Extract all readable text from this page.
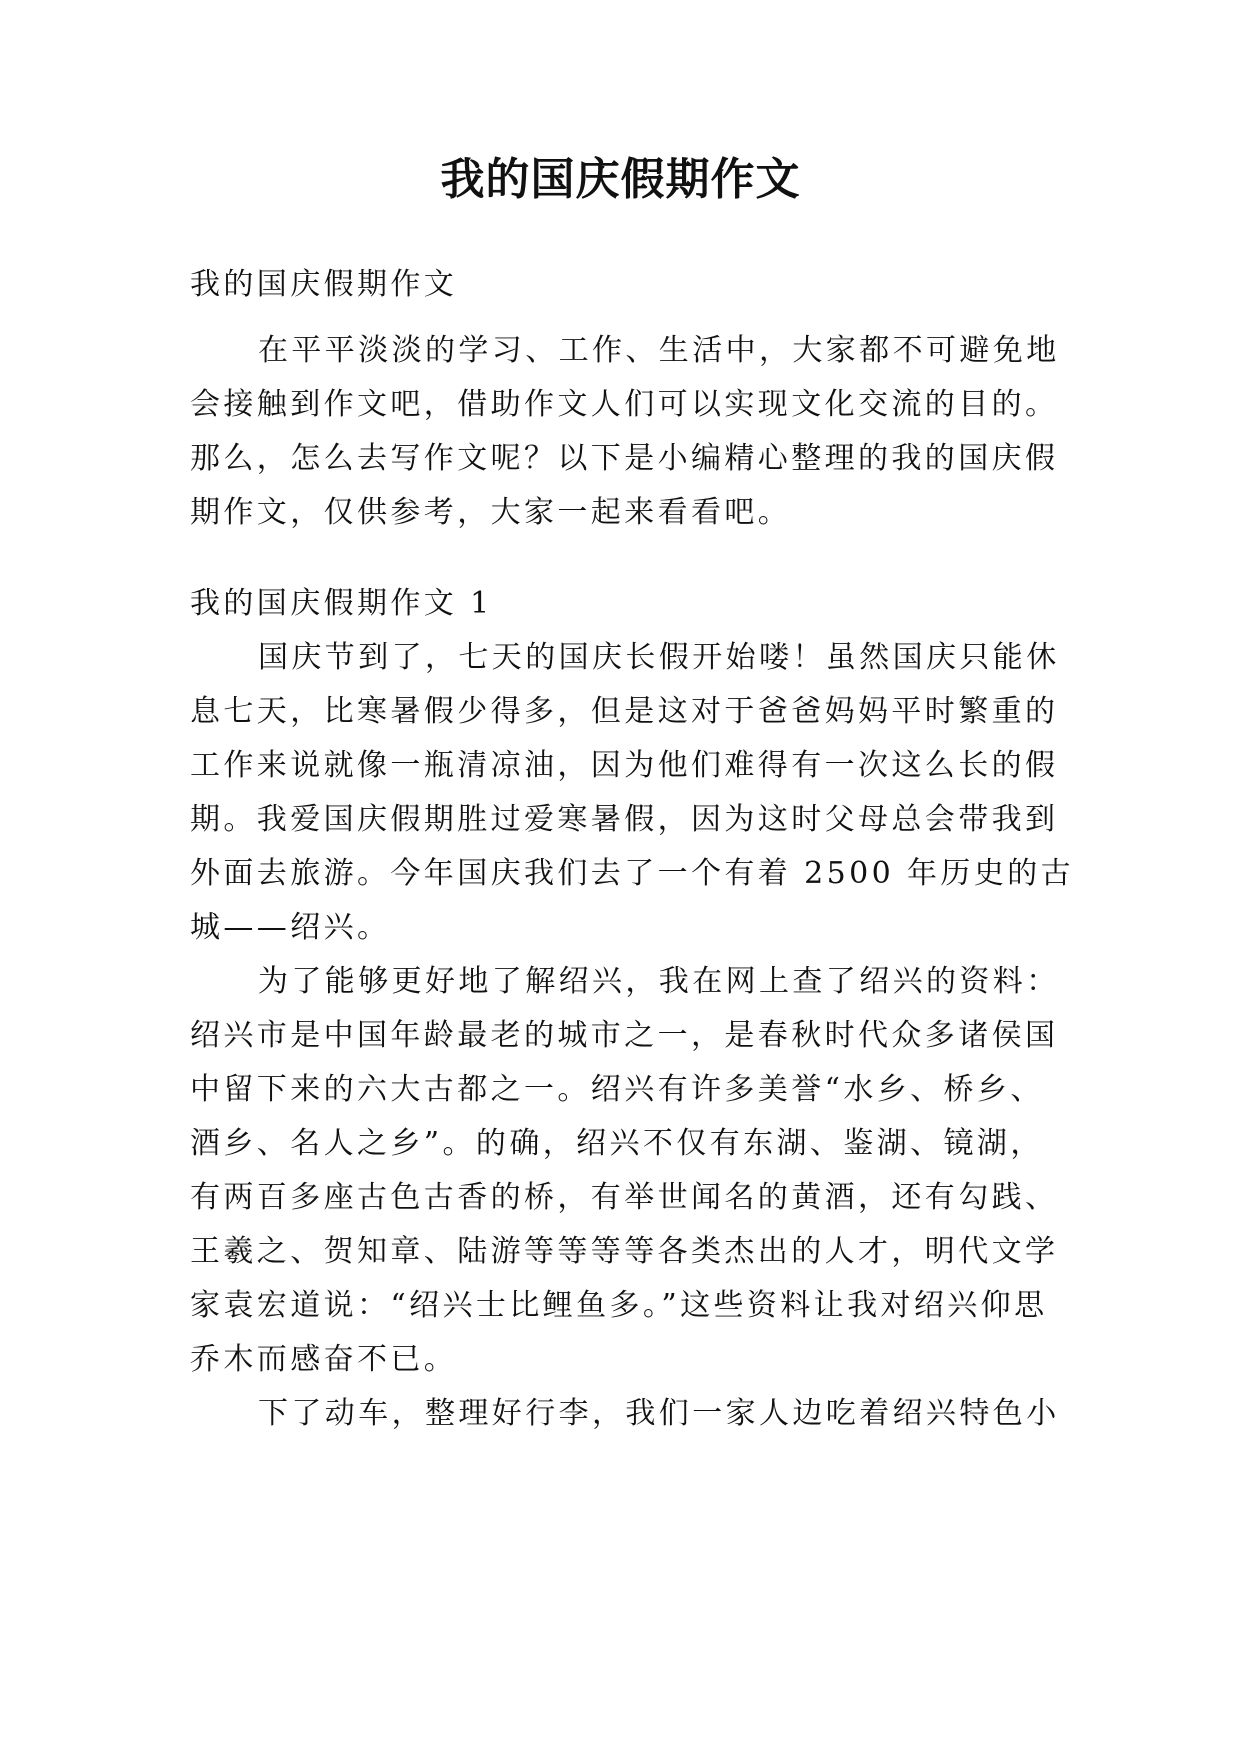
我的国庆假期作文
我的国庆假期作文
在平平淡淡的学习、工作、生活中，大家都不可避免地
会接触到作文吧，借助作文人们可以实现文化交流的目的。
那么，怎么去写作文呢？以下是小编精心整理的我的国庆假
期作文，仅供参考，大家一起来看看吧。
我的国庆假期作文 1
国庆节到了，七天的国庆长假开始喽！虽然国庆只能休
息七天，比寒暑假少得多，但是这对于爸爸妈妈平时繁重的
工作来说就像一瓶清凉油，因为他们难得有一次这么长的假
期。我爱国庆假期胜过爱寒暑假，因为这时父母总会带我到
外面去旅游。今年国庆我们去了一个有着 2500 年历史的古
城——绍兴。
为了能够更好地了解绍兴，我在网上查了绍兴的资料：
绍兴市是中国年龄最老的城市之一，是春秋时代众多诸侯国
中留下来的六大古都之一。绍兴有许多美誉“水乡、桥乡、
酒乡、名人之乡”。的确，绍兴不仅有东湖、鉴湖、镜湖，
有两百多座古色古香的桥，有举世闻名的黄酒，还有勾践、
王羲之、贺知章、陆游等等等等各类杰出的人才，明代文学
家袁宏道说：“绍兴士比鲤鱼多。”这些资料让我对绍兴仰思
乔木而感奋不已。
下了动车，整理好行李，我们一家人边吃着绍兴特色小
